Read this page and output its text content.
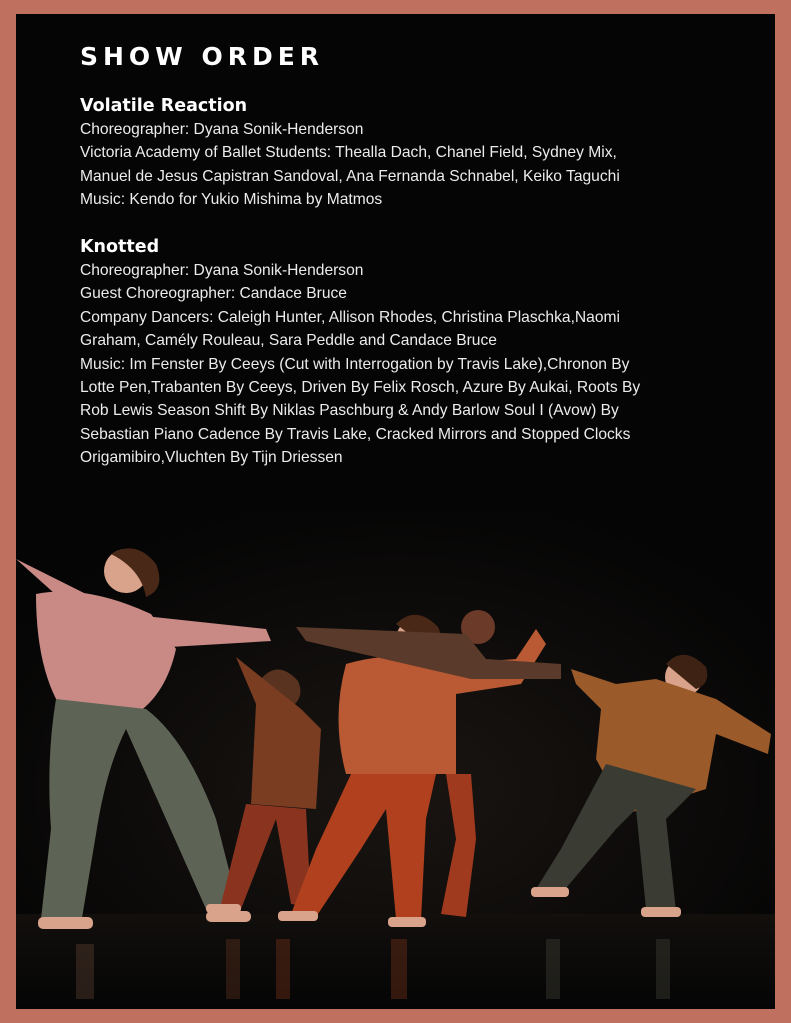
SHOW ORDER
Volatile Reaction

Choreographer: Dyana Sonik-Henderson

Victoria Academy of Ballet Students: Thealla Dach, Chanel Field, Sydney Mix,

Manuel de Jesus Capistran Sandoval, Ana Fernanda Schnabel, Keiko Taguchi

Music: Kendo for Yukio Mishima by Matmos

Knotted

Choreographer: Dyana Sonik-Henderson

Guest Choreographer: Candace Bruce

Company Dancers: Caleigh Hunter, Allison Rhodes, Christina Plaschka,Naomi

Graham, Camély Rouleau, Sara Peddle and Candace Bruce

Music: Im Fenster By Ceeys (Cut with Interrogation by Travis Lake),Chronon By

Lotte Pen,Trabanten By Ceeys, Driven By Felix Rosch, Azure By Aukai, Roots By

Rob Lewis Season Shift By Niklas Paschburg & Andy Barlow Soul I (Avow) By

Sebastian Piano Cadence By Travis Lake, Cracked Mirrors and Stopped Clocks

Origamibiro,Vluchten By Tijn Driessen
